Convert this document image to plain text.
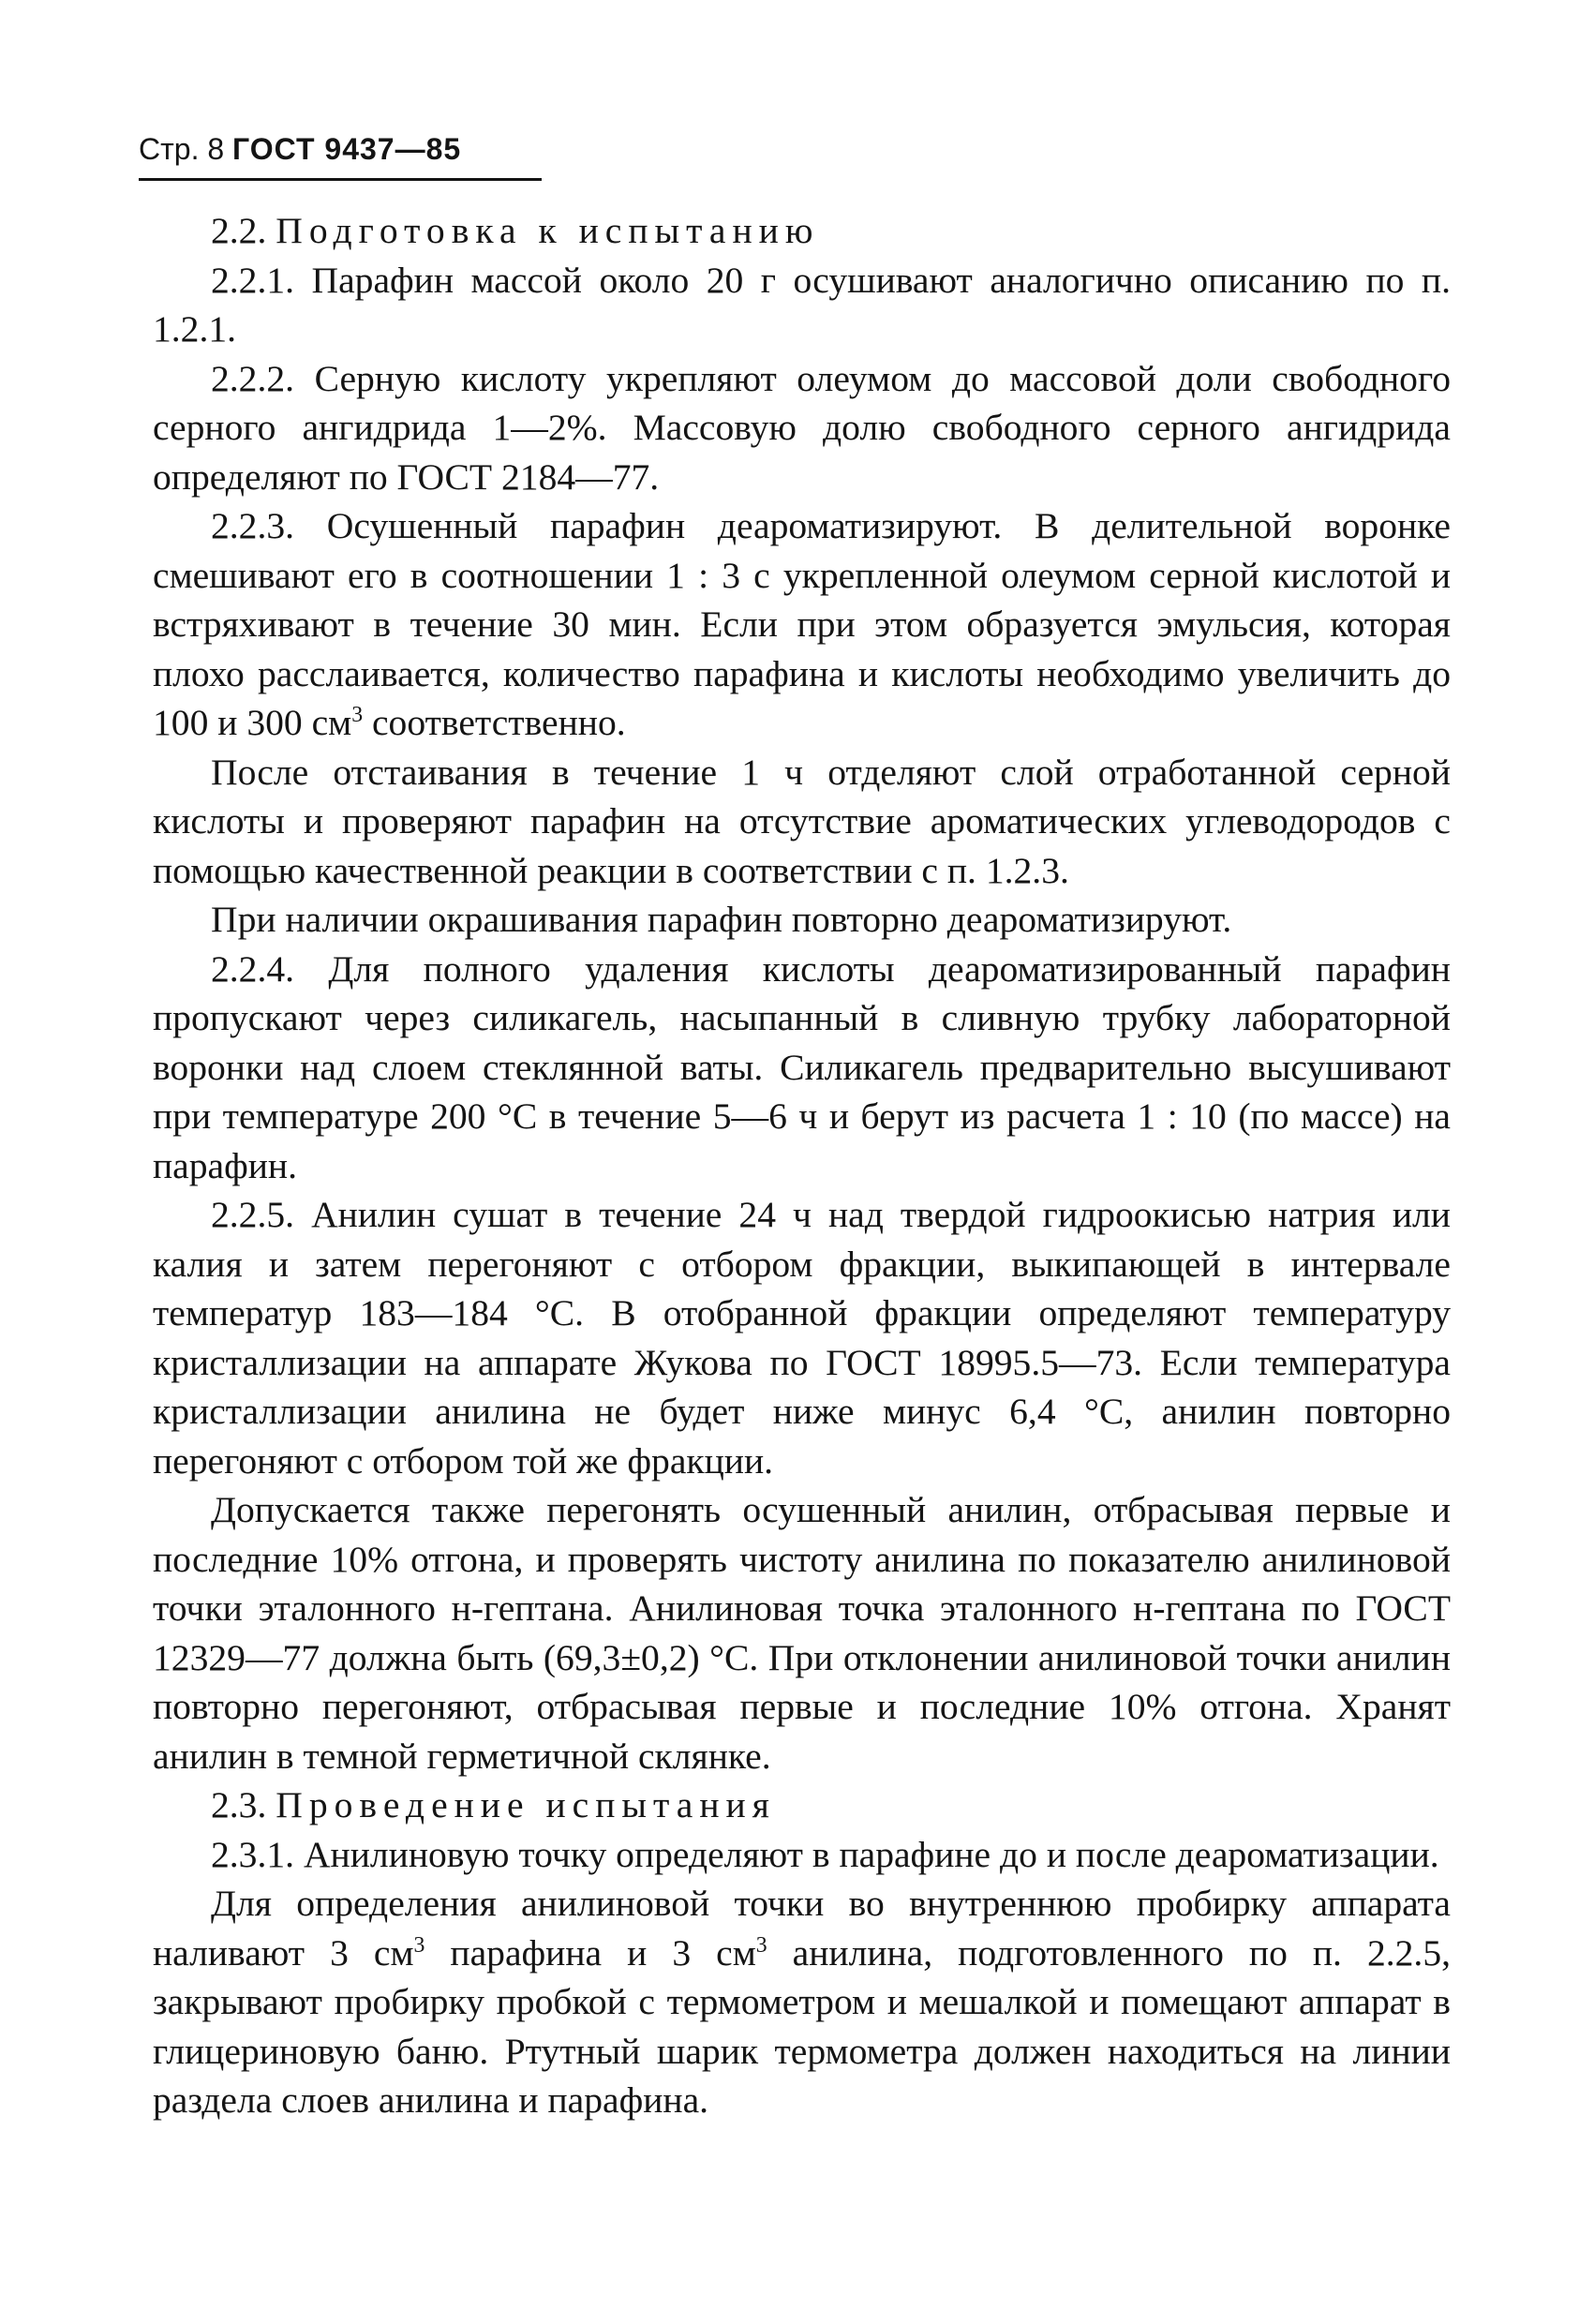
Стр. 8 ГОСТ 9437—85

2.2. Подготовка к испытанию

2.2.1. Парафин массой около 20 г осушивают аналогично описанию по п. 1.2.1.

2.2.2. Серную кислоту укрепляют олеумом до массовой доли свободного серного ангидрида 1—2%. Массовую долю свободного серного ангидрида определяют по ГОСТ 2184—77.

2.2.3. Осушенный парафин деароматизируют. В делительной воронке смешивают его в соотношении 1 : 3 с укрепленной олеумом серной кислотой и встряхивают в течение 30 мин. Если при этом образуется эмульсия, которая плохо расслаивается, количество парафина и кислоты необходимо увеличить до 100 и 300 $см^3$ соответственно.

После отстаивания в течение 1 ч отделяют слой отработанной серной кислоты и проверяют парафин на отсутствие ароматических углеводородов с помощью качественной реакции в соответствии с п. 1.2.3.

При наличии окрашивания парафин повторно деароматизируют.

2.2.4. Для полного удаления кислоты деароматизированный парафин пропускают через силикагель, насыпанный в сливную трубку лабораторной воронки над слоем стеклянной ваты. Силикагель предварительно высушивают при температуре 200 °С в течение 5—6 ч и берут из расчета 1 : 10 (по массе) на парафин.

2.2.5. Анилин сушат в течение 24 ч над твердой гидроокисью натрия или калия и затем перегоняют с отбором фракции, выкипающей в интервале температур 183—184 °С. В отобранной фракции определяют температуру кристаллизации на аппарате Жукова по ГОСТ 18995.5—73. Если температура кристаллизации анилина не будет ниже минус 6,4 °С, анилин повторно перегоняют с отбором той же фракции.

Допускается также перегонять осушенный анилин, отбрасывая первые и последние 10% отгона, и проверять чистоту анилина по показателю анилиновой точки эталонного н-гептана. Анилиновая точка эталонного н-гептана по ГОСТ 12329—77 должна быть (69,3±0,2) °С. При отклонении анилиновой точки анилин повторно перегоняют, отбрасывая первые и последние 10% отгона. Хранят анилин в темной герметичной склянке.

2.3. Проведение испытания

2.3.1. Анилиновую точку определяют в парафине до и после деароматизации.

Для определения анилиновой точки во внутреннюю пробирку аппарата наливают 3 $см^3$ парафина и 3 $см^3$ анилина, подготовленного по п. 2.2.5, закрывают пробирку пробкой с термометром и мешалкой и помещают аппарат в глицериновую баню. Ртутный шарик термометра должен находиться на линии раздела слоев анилина и парафина.
